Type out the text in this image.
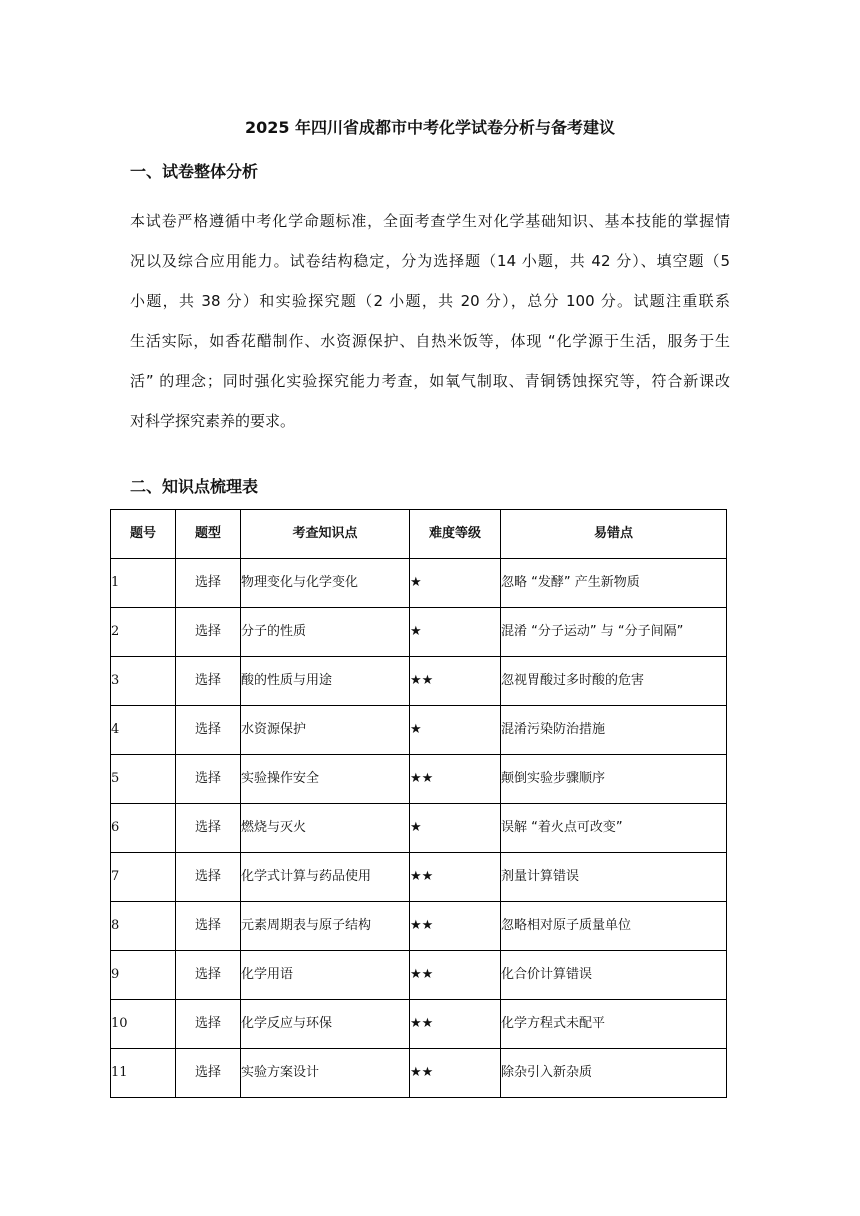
2025 年四川省成都市中考化学试卷分析与备考建议
一、试卷整体分析
本试卷严格遵循中考化学命题标准，全面考查学生对化学基础知识、基本技能的掌握情
况以及综合应用能力。试卷结构稳定，分为选择题（14 小题，共 42 分）、填空题（5
小题，共 38 分）和实验探究题（2 小题，共 20 分），总分 100 分。试题注重联系
生活实际，如香花醋制作、水资源保护、自热米饭等，体现 “化学源于生活，服务于生
活” 的理念；同时强化实验探究能力考查，如氧气制取、青铜锈蚀探究等，符合新课改
对科学探究素养的要求。
二、知识点梳理表
题号	题型	考查知识点	难度等级	易错点
1	选择	物理变化与化学变化	★	忽略 “发酵” 产生新物质
2	选择	分子的性质	★	混淆 “分子运动” 与 “分子间隔”
3	选择	酸的性质与用途	★★	忽视胃酸过多时酸的危害
4	选择	水资源保护	★	混淆污染防治措施
5	选择	实验操作安全	★★	颠倒实验步骤顺序
6	选择	燃烧与灭火	★	误解 “着火点可改变”
7	选择	化学式计算与药品使用	★★	剂量计算错误
8	选择	元素周期表与原子结构	★★	忽略相对原子质量单位
9	选择	化学用语	★★	化合价计算错误
10	选择	化学反应与环保	★★	化学方程式未配平
11	选择	实验方案设计	★★	除杂引入新杂质
